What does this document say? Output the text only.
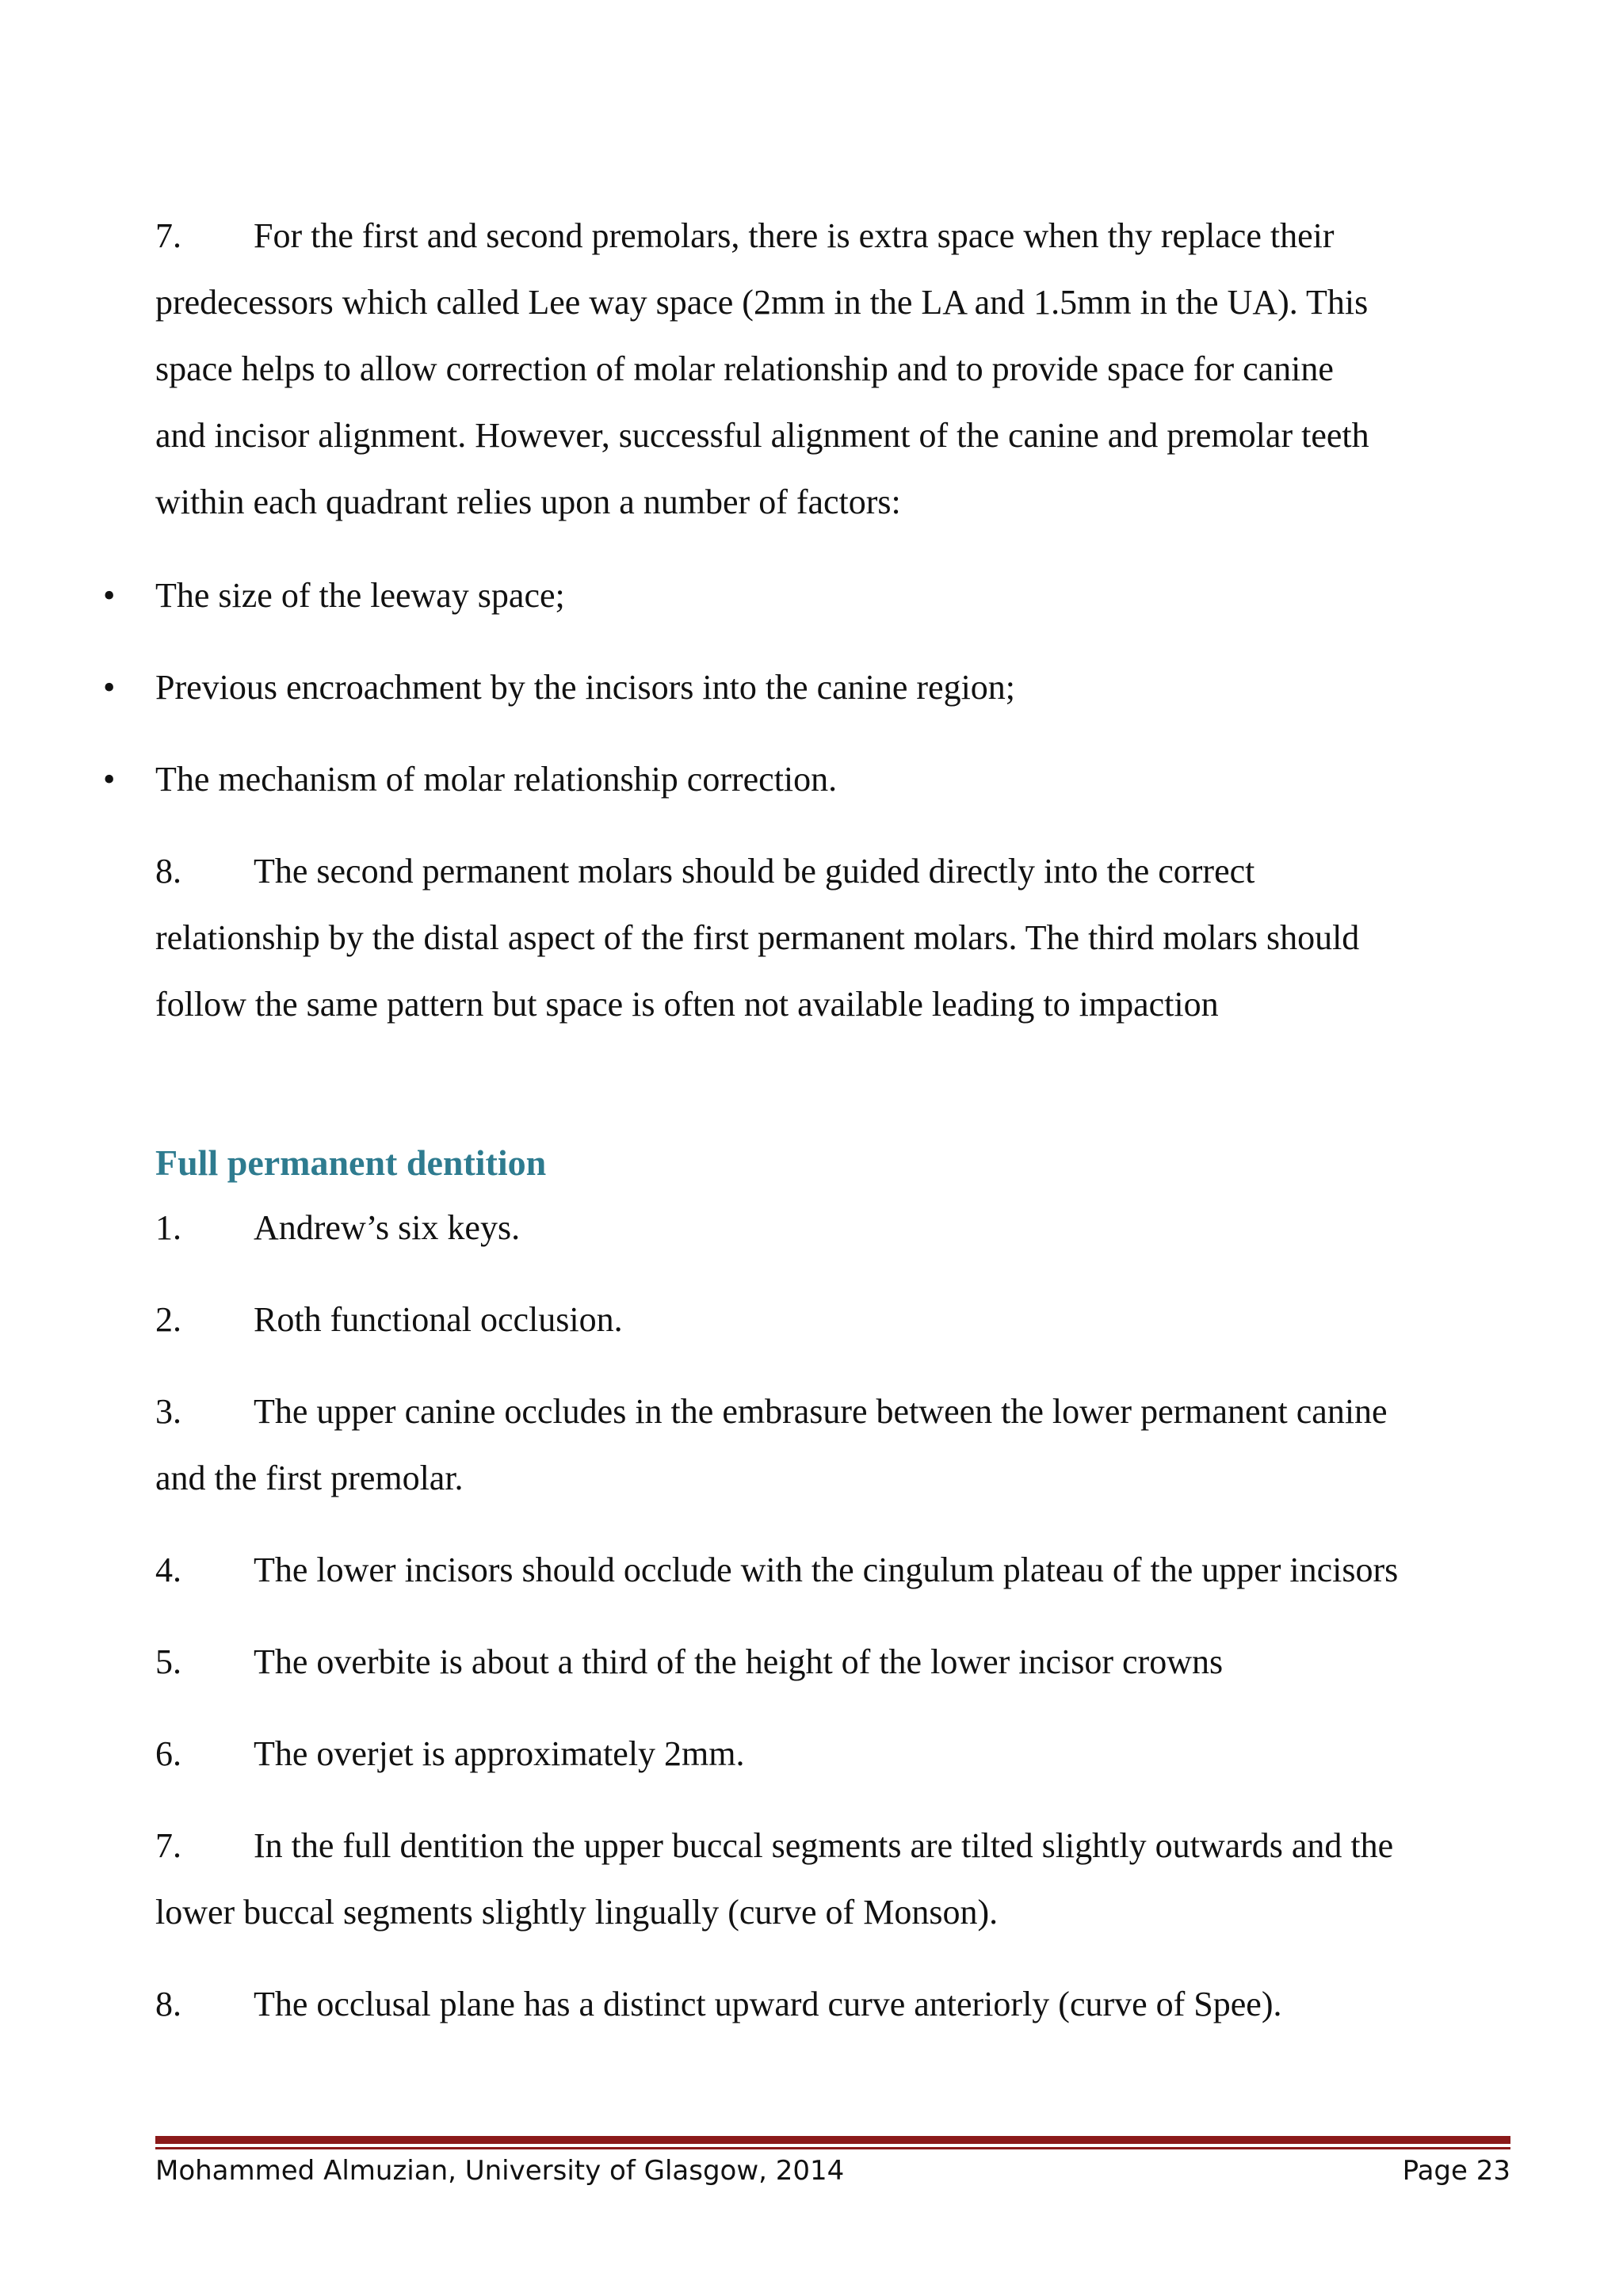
7. For the first and second premolars, there is extra space when thy replace their
predecessors which called Lee way space (2mm in the LA and 1.5mm in the UA). This
space helps to allow correction of molar relationship and to provide space for canine
and incisor alignment. However, successful alignment of the canine and premolar teeth
within each quadrant relies upon a number of factors:
• The size of the leeway space;
• Previous encroachment by the incisors into the canine region;
• The mechanism of molar relationship correction.
8. The second permanent molars should be guided directly into the correct
relationship by the distal aspect of the first permanent molars. The third molars should
follow the same pattern but space is often not available leading to impaction
Full permanent dentition
1. Andrew’s six keys.
2. Roth functional occlusion.
3. The upper canine occludes in the embrasure between the lower permanent canine
and the first premolar.
4. The lower incisors should occlude with the cingulum plateau of the upper incisors
5. The overbite is about a third of the height of the lower incisor crowns
6. The overjet is approximately 2mm.
7. In the full dentition the upper buccal segments are tilted slightly outwards and the
lower buccal segments slightly lingually (curve of Monson).
8. The occlusal plane has a distinct upward curve anteriorly (curve of Spee).
Mohammed Almuzian, University of Glasgow, 2014	Page 23
